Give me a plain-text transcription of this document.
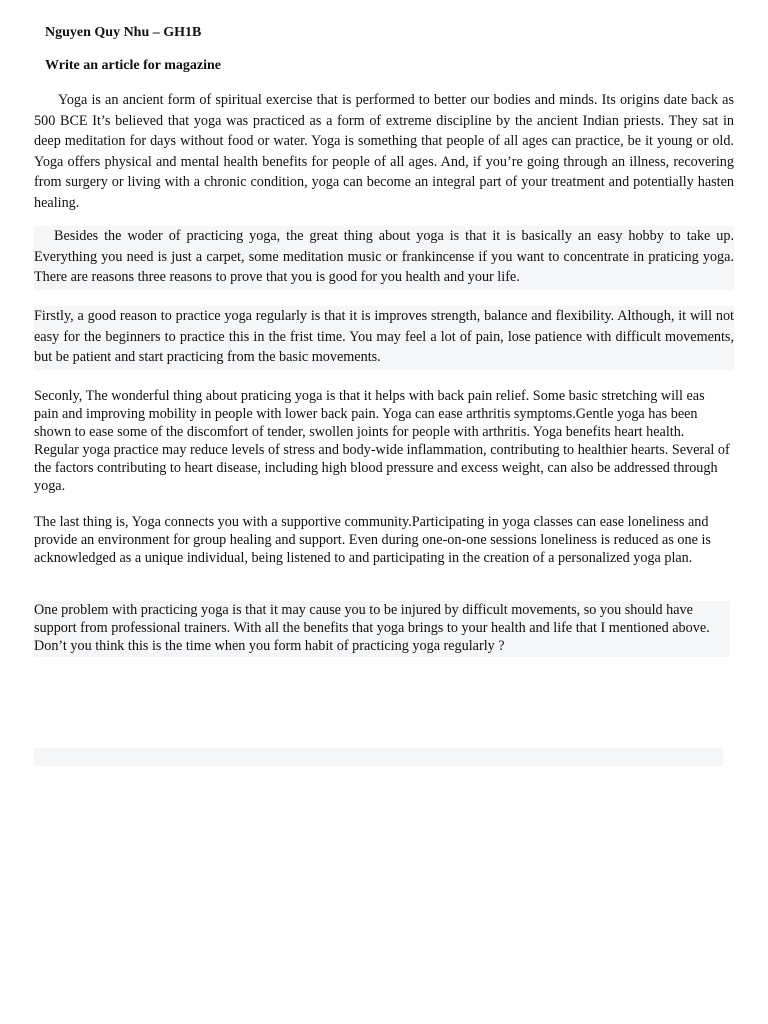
Nguyen Quy Nhu – GH1B

Write an article for magazine

Yoga is an ancient form of spiritual exercise that is performed to better our bodies and minds. Its origins date back as 500 BCE It’s believed that yoga was practiced as a form of extreme discipline by the ancient Indian priests. They sat in deep meditation for days without food or water. Yoga is something that people of all ages can practice, be it young or old. Yoga offers physical and mental health benefits for people of all ages. And, if you’re going through an illness, recovering from surgery or living with a chronic condition, yoga can become an integral part of your treatment and potentially hasten healing.

Besides the woder of practicing yoga, the great thing about yoga is that it is basically an easy hobby to take up. Everything you need is just a carpet, some meditation music or frankincense if you want to concentrate in praticing yoga. There are reasons three reasons to prove that you is good for you health and your life.

Firstly, a good reason to practice yoga regularly is that it is improves strength, balance and flexibility. Although, it will not easy for the beginners to practice this in the frist time. You may feel a lot of pain, lose patience with difficult movements, but be patient and start practicing from the basic movements.

Seconly, The wonderful thing about praticing yoga is that it helps with back pain relief. Some basic stretching will eas pain and improving mobility in people with lower back pain. Yoga can ease arthritis symptoms.Gentle yoga has been shown to ease some of the discomfort of tender, swollen joints for people with arthritis. Yoga benefits heart health. Regular yoga practice may reduce levels of stress and body-wide inflammation, contributing to healthier hearts. Several of the factors contributing to heart disease, including high blood pressure and excess weight, can also be addressed through yoga.

The last thing is, Yoga connects you with a supportive community.Participating in yoga classes can ease loneliness and provide an environment for group healing and support. Even during one-on-one sessions loneliness is reduced as one is acknowledged as a unique individual, being listened to and participating in the creation of a personalized yoga plan.

One problem with practicing yoga is that it may cause you to be injured by difficult movements, so you should have support from professional trainers. With all the benefits that yoga brings to your health and life that I mentioned above. Don’t you think this is the time when you form habit of practicing yoga regularly ?
